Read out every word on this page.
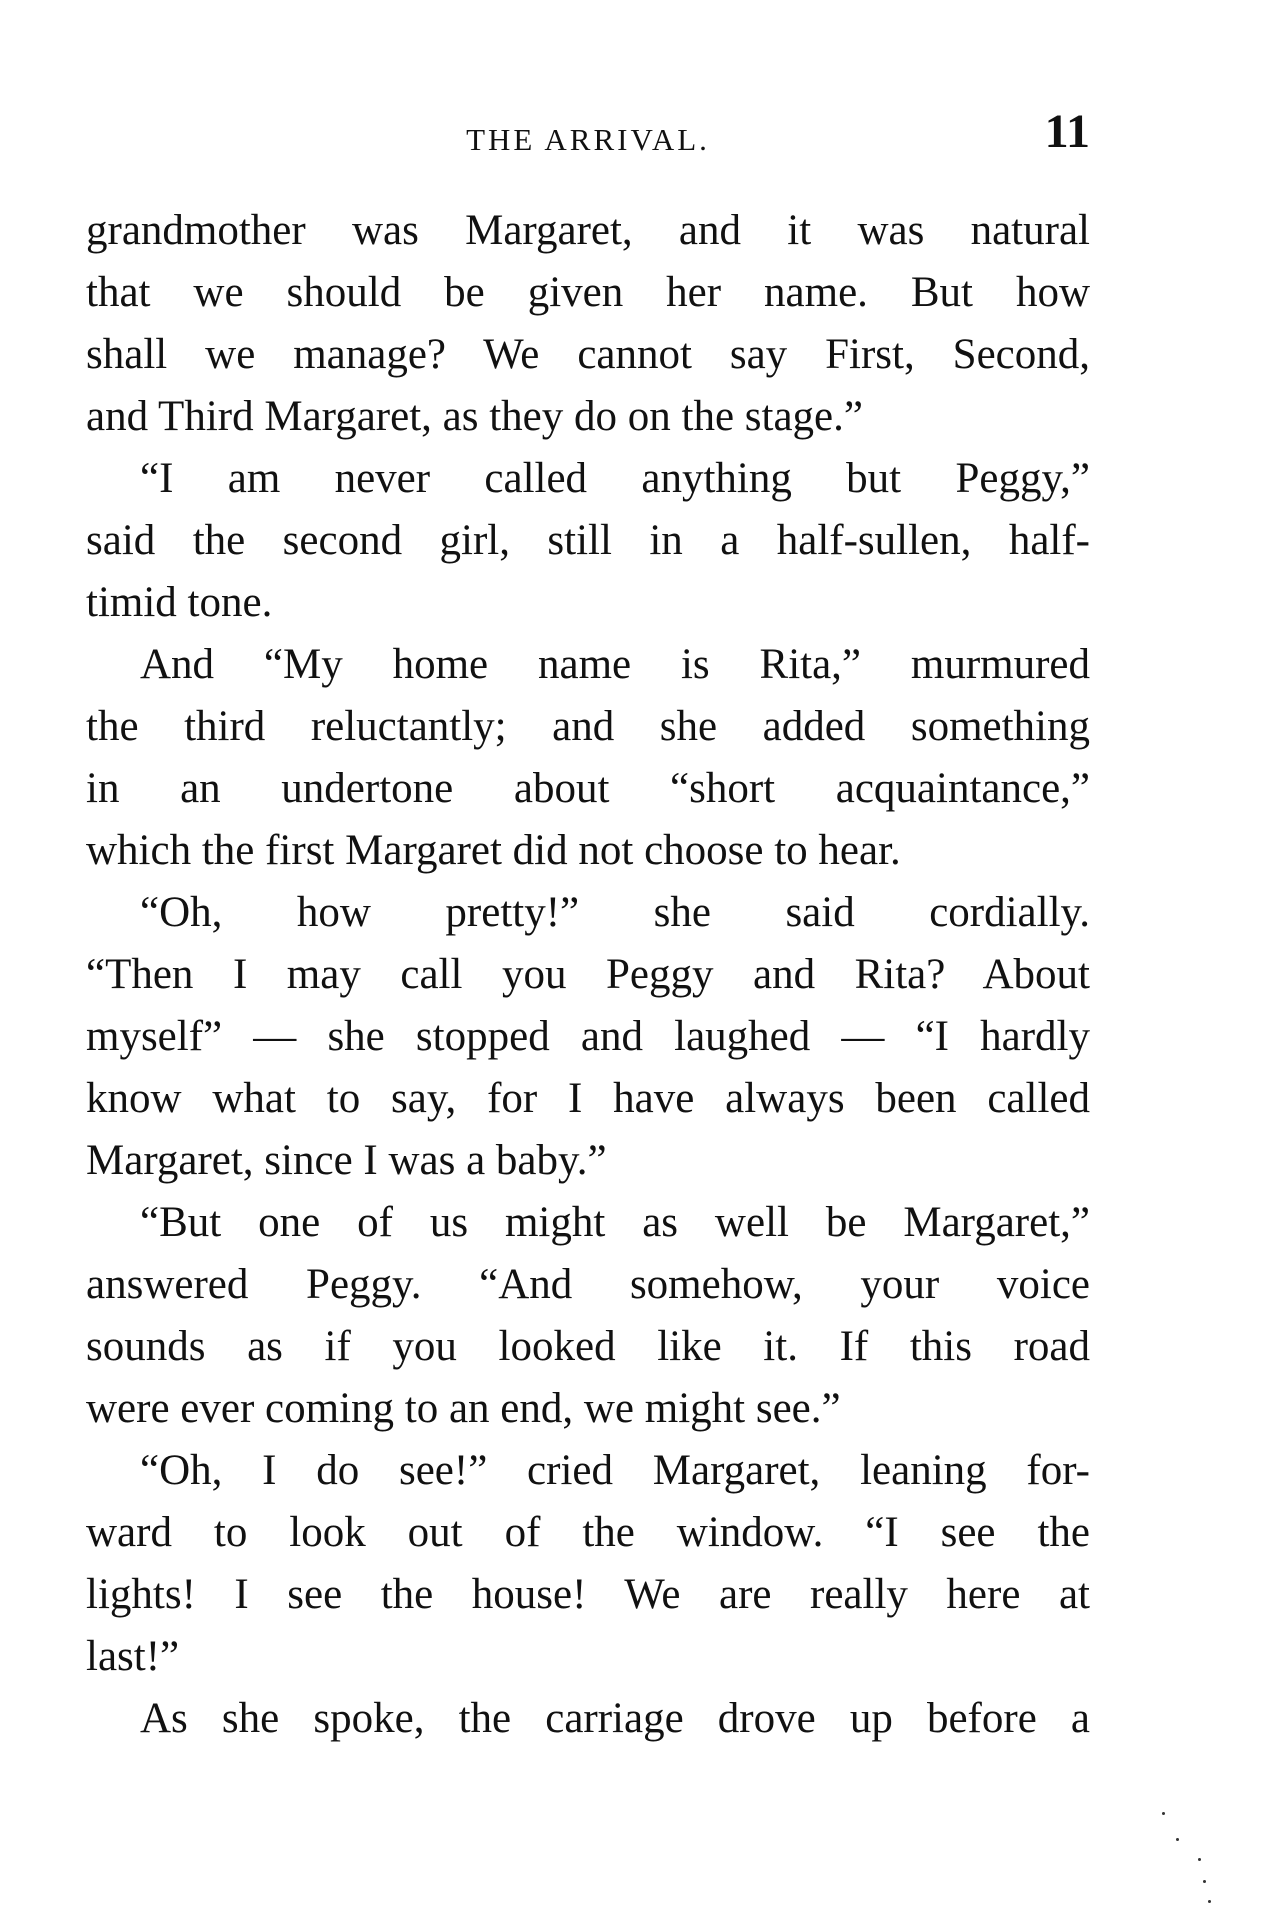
THE ARRIVAL.	11
grandmother was Margaret, and it was natural
that we should be given her name. But how
shall we manage? We cannot say First, Second,
and Third Margaret, as they do on the stage.”
“I am never called anything but Peggy,”
said the second girl, still in a half-sullen, half-
timid tone.
And “My home name is Rita,” murmured
the third reluctantly; and she added something
in an undertone about “short acquaintance,”
which the first Margaret did not choose to hear.
“Oh, how pretty!” she said cordially.
“Then I may call you Peggy and Rita? About
myself” — she stopped and laughed — “I hardly
know what to say, for I have always been called
Margaret, since I was a baby.”
“But one of us might as well be Margaret,”
answered Peggy. “And somehow, your voice
sounds as if you looked like it. If this road
were ever coming to an end, we might see.”
“Oh, I do see!” cried Margaret, leaning for-
ward to look out of the window. “I see the
lights! I see the house! We are really here at
last!”
As she spoke, the carriage drove up before a
